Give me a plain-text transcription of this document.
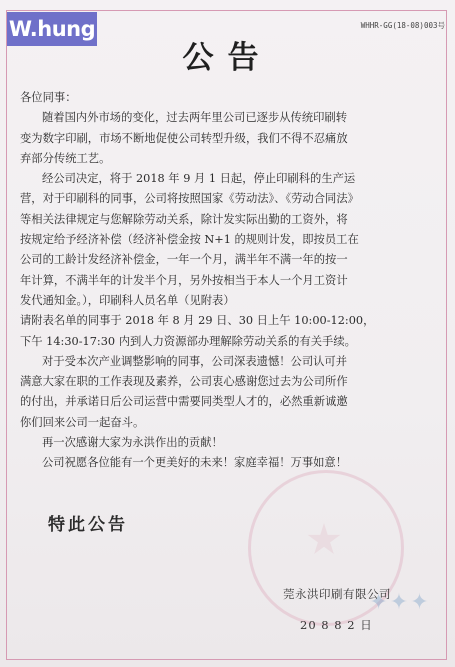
W.hung	WHHR-GG(18-08)003号
公告

各位同事：

随着国内外市场的变化，过去两年里公司已逐步从传统印刷转

变为数字印刷，市场不断地促使公司转型升级，我们不得不忍痛放

弃部分传统工艺。

经公司决定，将于 2018 年 9 月 1 日起，停止印刷科的生产运

营，对于印刷科的同事，公司将按照国家《劳动法》、《劳动合同法》

等相关法律规定与您解除劳动关系，除计发实际出勤的工资外，将

按规定给予经济补偿（经济补偿金按 N+1 的规则计发，即按员工在

公司的工龄计发经济补偿金，一年一个月，满半年不满一年的按一

年计算，不满半年的计发半个月，另外按相当于本人一个月工资计

发代通知金。），印刷科人员名单（见附表）

请附表名单的同事于 2018 年 8 月 29 日、30 日上午 10:00-12:00，

下午 14:30-17:30 内到人力资源部办理解除劳动关系的有关手续。

对于受本次产业调整影响的同事，公司深表遗憾！公司认可并

满意大家在职的工作表现及素养，公司衷心感谢您过去为公司所作

的付出，并承诺日后公司运营中需要同类型人才的，必然重新诚邀

你们回来公司一起奋斗。

再一次感谢大家为永洪作出的贡献！

公司祝愿各位能有一个更美好的未来！家庭幸福！万事如意！

特此公告
莞永洪印刷有限公司
20 8 8 2 日
✦✦✦
